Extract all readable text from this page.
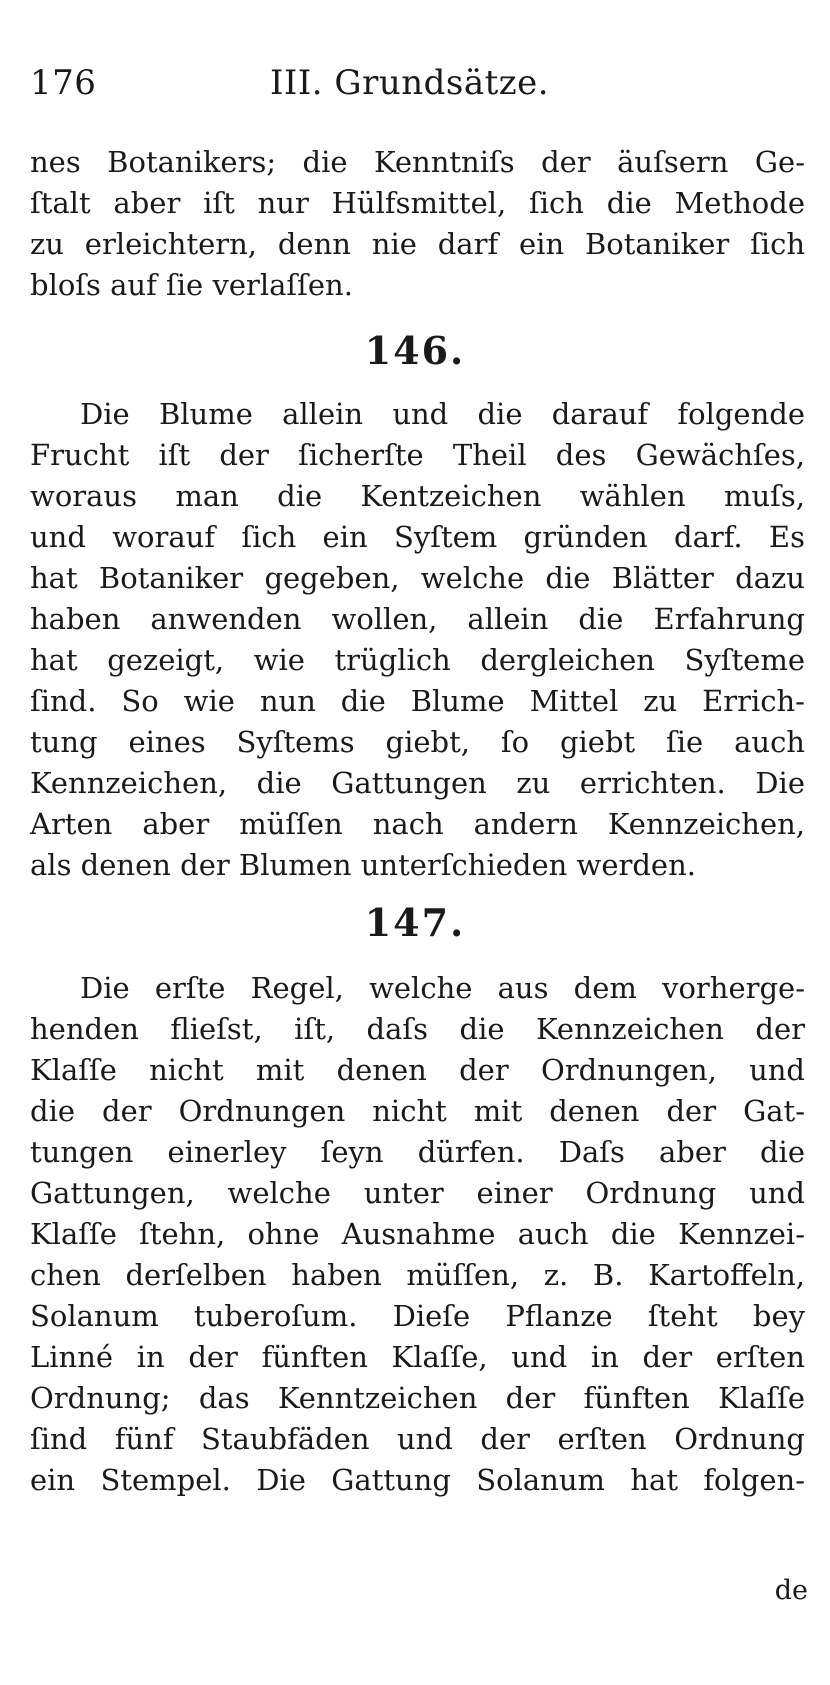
176	III. Grundsätze.
nes Botanikers; die Kenntniſs der äuſsern Ge-
ſtalt aber iſt nur Hülfsmittel, ſich die Methode
zu erleichtern, denn nie darf ein Botaniker ſich
bloſs auf ſie verlaſſen.
146.
Die Blume allein und die darauf folgende
Frucht iſt der ſicherſte Theil des Gewächſes,
woraus man die Kentzeichen wählen muſs,
und worauf ſich ein Syſtem gründen darf. Es
hat Botaniker gegeben, welche die Blätter dazu
haben anwenden wollen, allein die Erfahrung
hat gezeigt, wie trüglich dergleichen Syſteme
ſind. So wie nun die Blume Mittel zu Errich-
tung eines Syſtems giebt, ſo giebt ſie auch
Kennzeichen, die Gattungen zu errichten. Die
Arten aber müſſen nach andern Kennzeichen,
als denen der Blumen unterſchieden werden.
147.
Die erſte Regel, welche aus dem vorherge-
henden flieſst, iſt, daſs die Kennzeichen der
Klaſſe nicht mit denen der Ordnungen, und
die der Ordnungen nicht mit denen der Gat-
tungen einerley ſeyn dürfen. Daſs aber die
Gattungen, welche unter einer Ordnung und
Klaſſe ſtehn, ohne Ausnahme auch die Kennzei-
chen derſelben haben müſſen, z. B. Kartoffeln,
Solanum tuberoſum. Dieſe Pflanze ſteht bey
Linné in der fünften Klaſſe, und in der erſten
Ordnung; das Kenntzeichen der fünften Klaſſe
ſind fünf Staubfäden und der erſten Ordnung
ein Stempel. Die Gattung Solanum hat folgen-
de
